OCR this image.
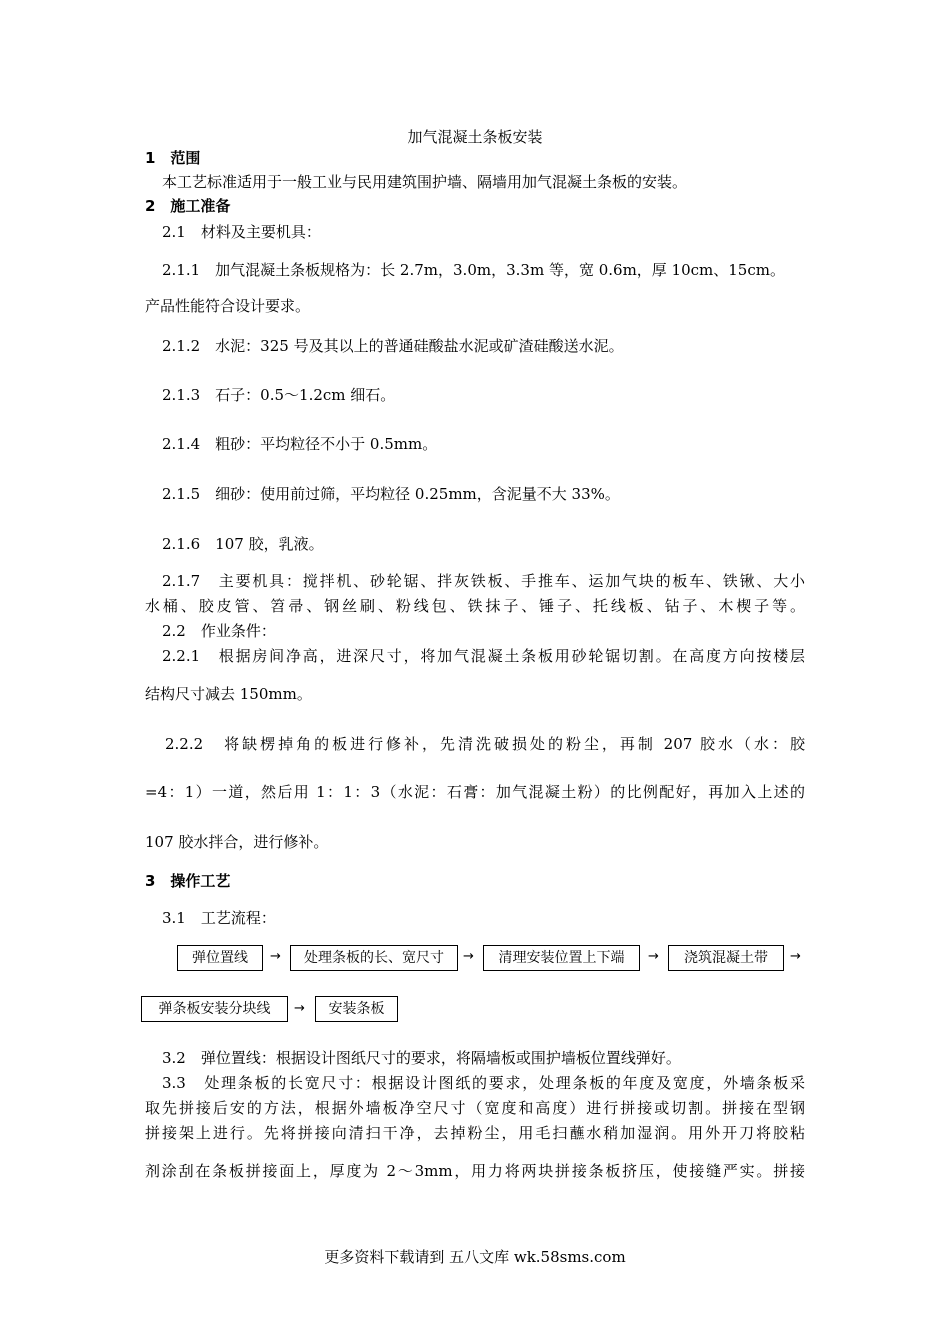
加气混凝土条板安装
1　范围
本工艺标准适用于一般工业与民用建筑围护墙、隔墙用加气混凝土条板的安装。
2　施工准备
2.1　材料及主要机具：
2.1.1　加气混凝土条板规格为：长 2.7m，3.0m，3.3m 等，宽 0.6m，厚 10cm、15cm。
产品性能符合设计要求。
2.1.2　水泥：325 号及其以上的普通硅酸盐水泥或矿渣硅酸送水泥。
2.1.3　石子：0.5～1.2cm 细石。
2.1.4　粗砂：平均粒径不小于 0.5mm。
2.1.5　细砂：使用前过筛，平均粒径 0.25mm，含泥量不大 33%。
2.1.6　107 胶，乳液。
2.1.7　主要机具：搅拌机、砂轮锯、拌灰铁板、手推车、运加气块的板车、铁锹、大小
水桶、胶皮管、笤帚、钢丝刷、粉线包、铁抹子、锤子、托线板、钻子、木楔子等。
2.2　作业条件：
2.2.1　根据房间净高，进深尺寸，将加气混凝土条板用砂轮锯切割。在高度方向按楼层
结构尺寸减去 150mm。
2.2.2　将缺楞掉角的板进行修补，先清洗破损处的粉尘，再制 207 胶水（水：胶
=4：1）一道，然后用 1：1：3（水泥：石膏：加气混凝土粉）的比例配好，再加入上述的
107 胶水拌合，进行修补。
3　操作工艺
3.1　工艺流程：
弹位置线	→	处理条板的长、宽尺寸	→	清理安装位置上下端	→	浇筑混凝土带	→
弹条板安装分块线	→	安装条板
3.2　弹位置线：根据设计图纸尺寸的要求，将隔墙板或围护墙板位置线弹好。
3.3　处理条板的长宽尺寸：根据设计图纸的要求，处理条板的年度及宽度，外墙条板采
取先拼接后安的方法，根据外墙板净空尺寸（宽度和高度）进行拼接或切割。拼接在型钢
拼接架上进行。先将拼接向清扫干净，去掉粉尘，用毛扫蘸水稍加湿润。用外开刀将胶粘
剂涂刮在条板拼接面上，厚度为 2～3mm，用力将两块拼接条板挤压，使接缝严实。拼接
更多资料下载请到 五八文库 wk.58sms.com
